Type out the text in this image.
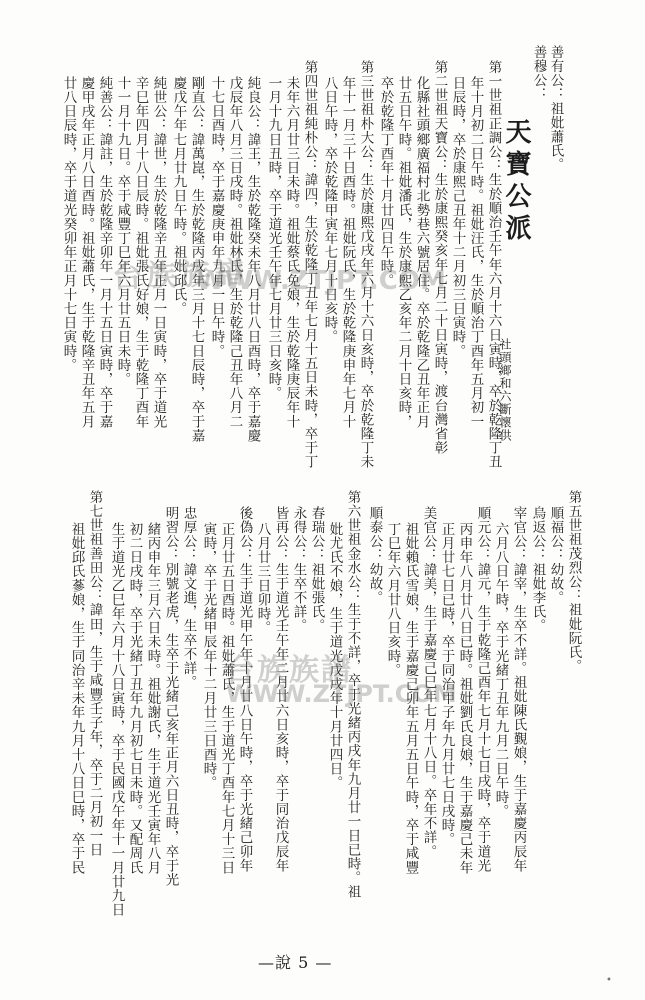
善有公：祖妣蕭氏。
善穆公：
天寶公派
第一世祖正調公：生於順治壬午年六月十六日寅時，卒於乾隆丁丑
年十月初二日午時。祖妣汪氏，生於順治丁酉年五月初一
日辰時，卒於康熙己丑年十二月初三日寅時。
第二世祖天寶公：生於康熙癸亥年七月二十日寅時，渡台灣省彰
化縣社頭鄉廣福村北勢巷六號居住。卒於乾隆乙丑年正月
廿五日午時。祖妣潘氏，生於康熙乙亥年二月十日亥時，
卒於乾隆丁酉年十月廿四日午時。
第三世祖朴大公：生於康熙戊戌年六月十六日亥時，卒於乾隆丁未
年十一月三十日酉時。祖妣阮氏，生於乾隆庚申年七月十
八日午時，卒於乾隆甲寅年七月十日亥時。
第四世祖純朴公：諱四，生於乾隆丁丑年七月十五日未時，卒于丁
未年六月廿三日未時。祖妣蔡氏免娘，生於乾隆庚辰年十
一月十九日丑時，卒于道光壬午年七月廿三日亥時。
純良公：諱王，生於乾隆癸未年八月廿八日酉時，卒于嘉慶
戊辰年八月三日戌時。祖妣林氏，生於乾隆己丑年八月二
十七日酉時，卒于嘉慶庚申年九月一日午時。
剛直公：諱萬崑，生於乾隆丙戌年三月十七日辰時，卒于嘉
慶戊午年七月廿九日午時。祖妣邱氏。
純世公：諱世，生於乾隆辛丑年正月一日寅時，卒于道光
辛巳年四月十八日辰時。祖妣張氏好娘，生于乾隆丁酉年
十一月十九日。卒于咸豐丁巳年六月廿五日未時。
純善公：諱註，生於乾隆辛卯年一月十五日寅時，卒于嘉
慶甲戌年正月八日酉時。祖妣蕭氏，生于乾隆辛丑年五月
廿八日辰時，卒于道光癸卯年正月十七日寅時。
社頭鄉和六斷懷供
第五世祖茂烈公：祖妣阮氏。
順福公：幼故。
烏返公：祖妣李氏。
宰官公：諱宰，生卒不詳。祖妣陳氏覲娘，生于嘉慶丙辰年
六月八日午時，卒于光緒丁丑年九月二日午時。
順元公：諱元，生于乾隆己酉年七月十七日戌時，卒于道光
丙申年八月廿八日已時。祖妣劉氏良娘，生于嘉慶己未年
正月廿七日已時，卒于同治甲子年九月廿七日戌時。
美官公：諱美，生于嘉慶己巳年七月十八日。卒年不詳。
祖妣賴氏雪娘，生于嘉慶己卯年五月五日午時，卒于咸豐
丁巳年六月廿八日亥時。
順泰公：幼故。
第六世祖金水公：生于不詳，卒于光緒丙戌年九月廿一日已時。祖
妣尤氏不娘，生于道光戊戌年十月廿四日。
春瑞公：祖妣張氏。
永得公：生卒不詳。
皆再公：生于道光壬午年二月廿六日亥時，卒于同治戊辰年
八月廿三日卯時。
後偽公：生于道光甲午年十月廿八日午時，卒于光緒己卯年
正月廿五日酉時。祖妣蕭氏，生于道光丁酉年七月十三日
寅時，卒于光緒甲辰年十二月廿三日酉時。
忠厚公：諱文進，生卒不詳。
明習公：別號老虎，生卒于光緒己亥年正月六日丑時，卒于光
緒丙申年三月六日未時。祖妣謝氏，生于道光壬寅年八月
初二日戌時，卒于光緒丁丑年九月初七日未時。又配周氏
生于道光乙巳年六月十八日寅時，卒于民國戊午年十一月廿九日
第七世祖善田公：諱田，生于咸豐壬子年，卒于二月初一日
祖妣邱氏蔘娘，生于同治辛未年九月十八日巳時，卒于民
台族族譜
WWW.ZTJPT.COM
台族族譜
WWW.ZTJPT.COM
—說 5 —
•
